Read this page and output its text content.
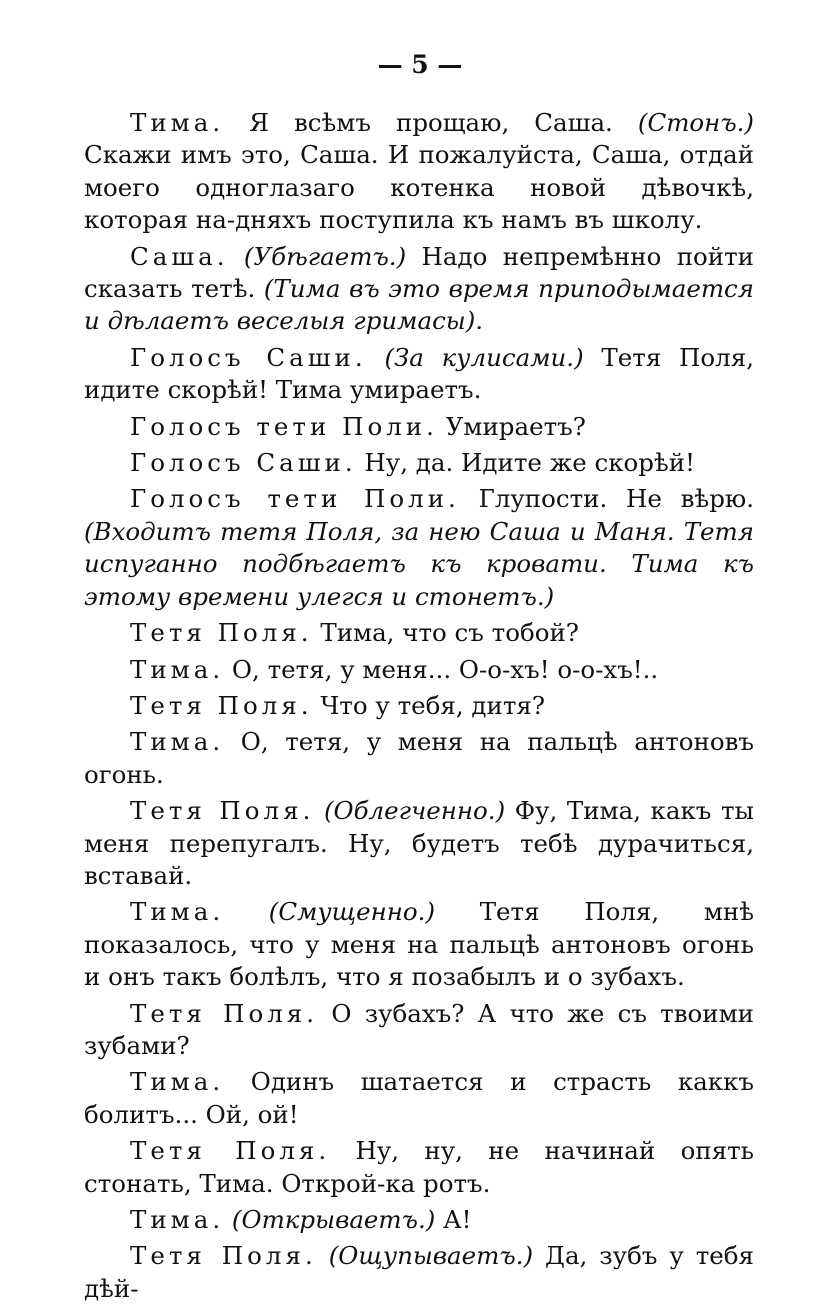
— 5 —

Тима. Я всѣмъ прощаю, Саша. (Стонъ.) Скажи имъ это, Саша. И пожалуйста, Саша, отдай моего одноглазаго котенка новой дѣвочкѣ, которая на-дняхъ поступила къ намъ въ школу.

Саша. (Убѣгаетъ.) Надо непремѣнно пойти сказать тетѣ. (Тима въ это время приподымается и дѣлаетъ веселыя гримасы).

Голосъ Саши. (За кулисами.) Тетя Поля, идите скорѣй! Тима умираетъ.

Голосъ тети Поли. Умираетъ?

Голосъ Саши. Ну, да. Идите же скорѣй!

Голосъ тети Поли. Глупости. Не вѣрю. (Входитъ тетя Поля, за нею Саша и Маня. Тетя испуганно подбѣгаетъ къ кровати. Тима къ этому времени улегся и стонетъ.)

Тетя Поля. Тима, что съ тобой?

Тима. О, тетя, у меня... О-о-хъ! о-о-хъ!..

Тетя Поля. Что у тебя, дитя?

Тима. О, тетя, у меня на пальцѣ антоновъ огонь.

Тетя Поля. (Облегченно.) Фу, Тима, какъ ты меня перепугалъ. Ну, будетъ тебѣ дурачиться, вставай.

Тима. (Смущенно.) Тетя Поля, мнѣ показалось, что у меня на пальцѣ антоновъ огонь и онъ такъ болѣлъ, что я позабылъ и о зубахъ.

Тетя Поля. О зубахъ? А что же съ твоими зубами?

Тима. Одинъ шатается и страсть каккъ болитъ... Ой, ой!

Тетя Поля. Ну, ну, не начинай опять стонать, Тима. Открой-ка ротъ.

Тима. (Открываетъ.) А!

Тетя Поля. (Ощупываетъ.) Да, зубъ у тебя дѣй-
